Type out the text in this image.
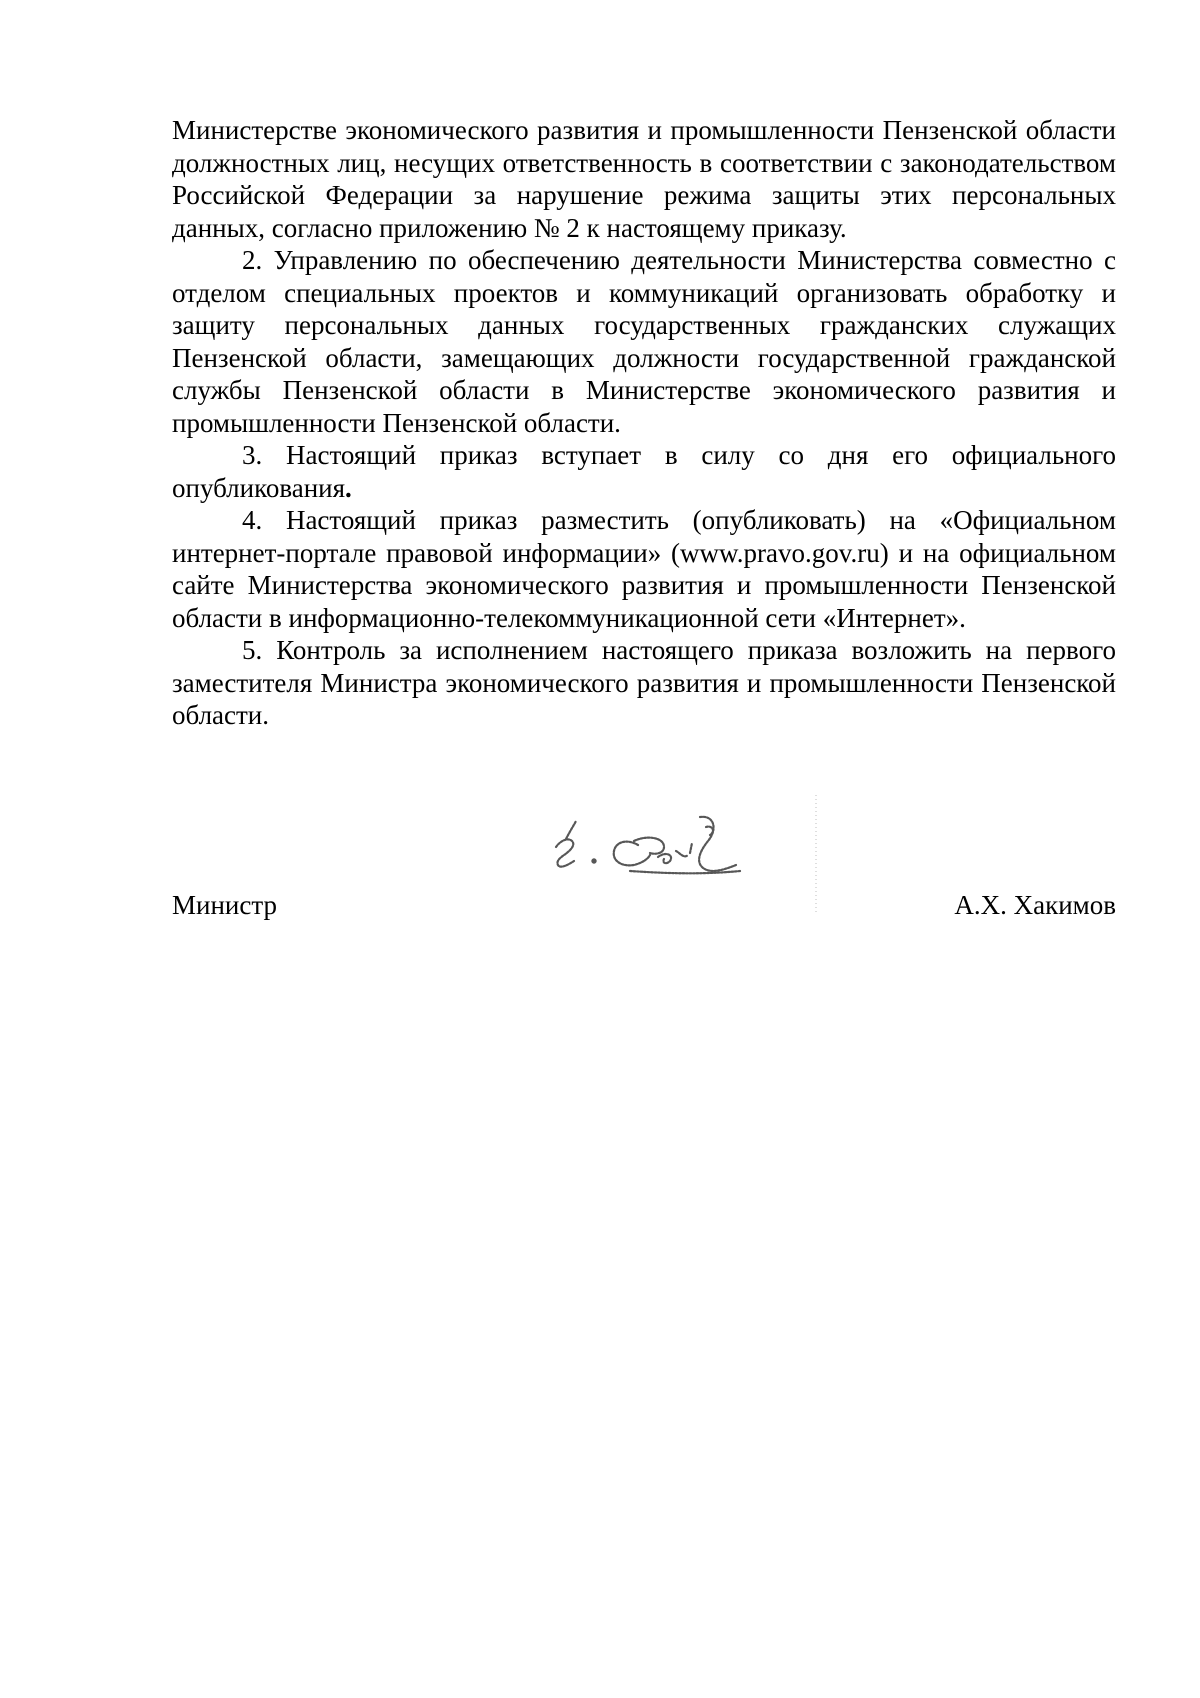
Министерстве экономического развития и промышленности Пензенской области должностных лиц, несущих ответственность в соответствии с законодательством Российской Федерации за нарушение режима защиты этих персональных данных, согласно приложению № 2 к настоящему приказу.

2. Управлению по обеспечению деятельности Министерства совместно с отделом специальных проектов и коммуникаций организовать обработку и защиту персональных данных государственных гражданских служащих Пензенской области, замещающих должности государственной гражданской службы Пензенской области в Министерстве экономического развития и промышленности Пензенской области.

3. Настоящий приказ вступает в силу со дня его официального опубликования.

4. Настоящий приказ разместить (опубликовать) на «Официальном интернет-портале правовой информации» (www.pravo.gov.ru) и на официальном сайте Министерства экономического развития и промышленности Пензенской области в информационно-телекоммуникационной сети «Интернет».

5. Контроль за исполнением настоящего приказа возложить на первого заместителя Министра экономического развития и промышленности Пензенской области.

Министр	А.Х. Хакимов
